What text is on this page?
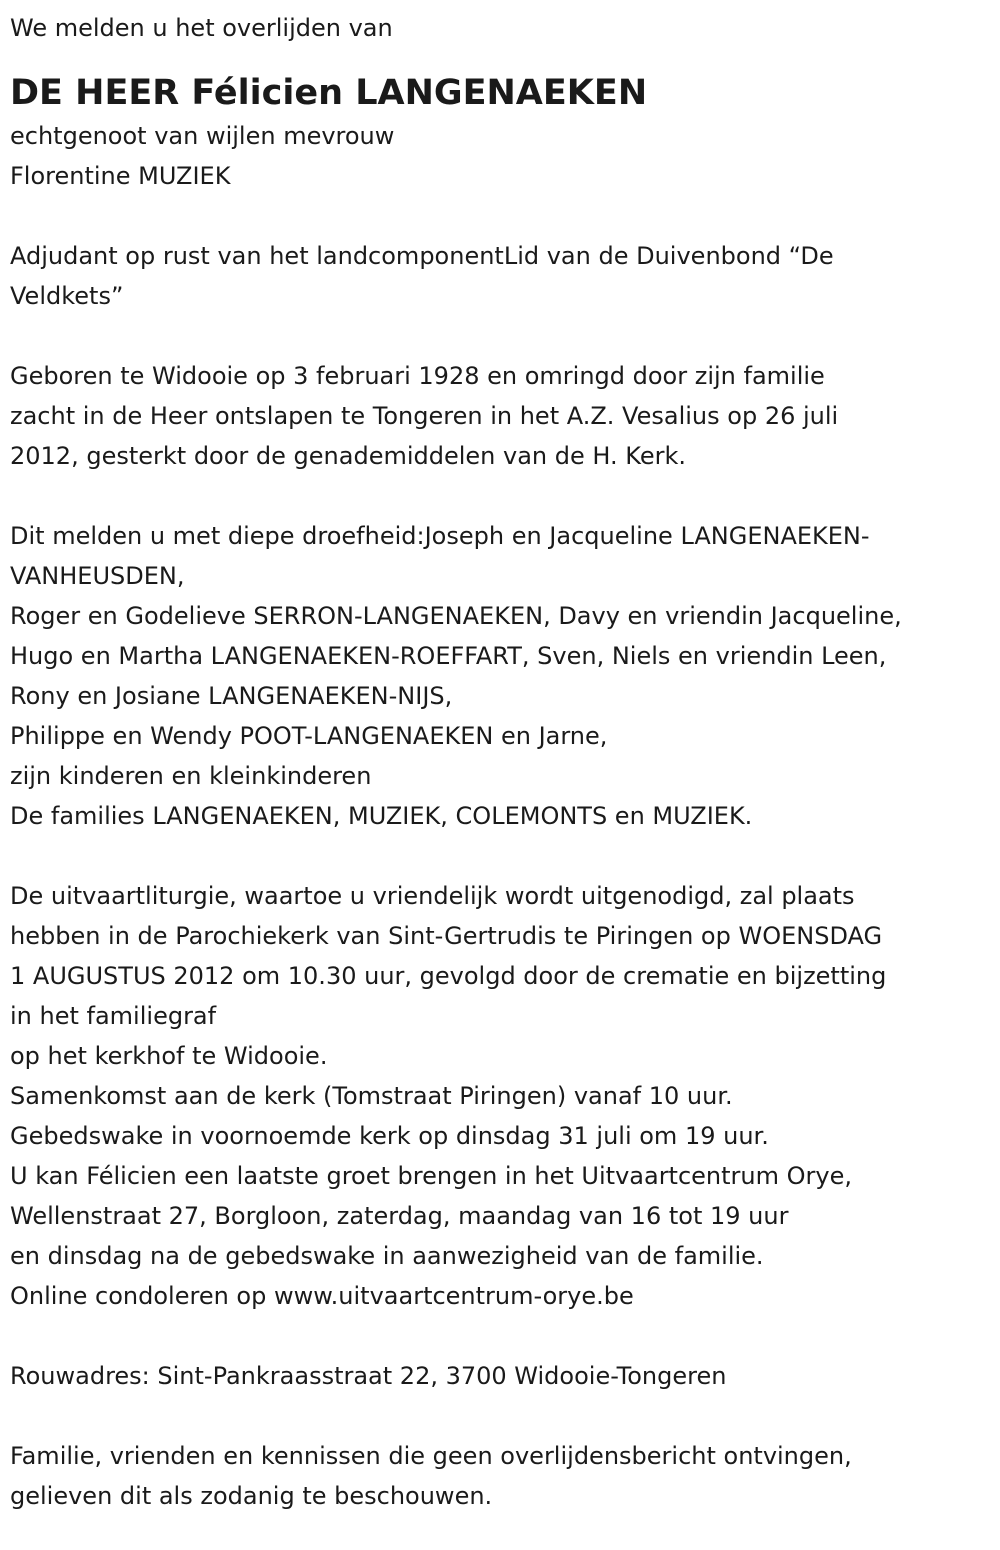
We melden u het overlijden van

DE HEER Félicien LANGENAEKEN

echtgenoot van wijlen mevrouw

Florentine MUZIEK

Adjudant op rust van het landcomponentLid van de Duivenbond “De

Veldkets”

Geboren te Widooie op 3 februari 1928 en omringd door zijn familie

zacht in de Heer ontslapen te Tongeren in het A.Z. Vesalius op 26 juli

2012, gesterkt door de genademiddelen van de H. Kerk.

Dit melden u met diepe droefheid:Joseph en Jacqueline LANGENAEKEN-

VANHEUSDEN,

Roger en Godelieve SERRON-LANGENAEKEN, Davy en vriendin Jacqueline,

Hugo en Martha LANGENAEKEN-ROEFFART, Sven, Niels en vriendin Leen,

Rony en Josiane LANGENAEKEN-NIJS,

Philippe en Wendy POOT-LANGENAEKEN en Jarne,

zijn kinderen en kleinkinderen

De families LANGENAEKEN, MUZIEK, COLEMONTS en MUZIEK.

De uitvaartliturgie, waartoe u vriendelijk wordt uitgenodigd, zal plaats

hebben in de Parochiekerk van Sint-Gertrudis te Piringen op WOENSDAG

1 AUGUSTUS 2012 om 10.30 uur, gevolgd door de crematie en bijzetting

in het familiegraf

op het kerkhof te Widooie.

Samenkomst aan de kerk (Tomstraat Piringen) vanaf 10 uur.

Gebedswake in voornoemde kerk op dinsdag 31 juli om 19 uur.

U kan Félicien een laatste groet brengen in het Uitvaartcentrum Orye,

Wellenstraat 27, Borgloon, zaterdag, maandag van 16 tot 19 uur

en dinsdag na de gebedswake in aanwezigheid van de familie.

Online condoleren op www.uitvaartcentrum-orye.be

Rouwadres: Sint-Pankraasstraat 22, 3700 Widooie-Tongeren

Familie, vrienden en kennissen die geen overlijdensbericht ontvingen,

gelieven dit als zodanig te beschouwen.
